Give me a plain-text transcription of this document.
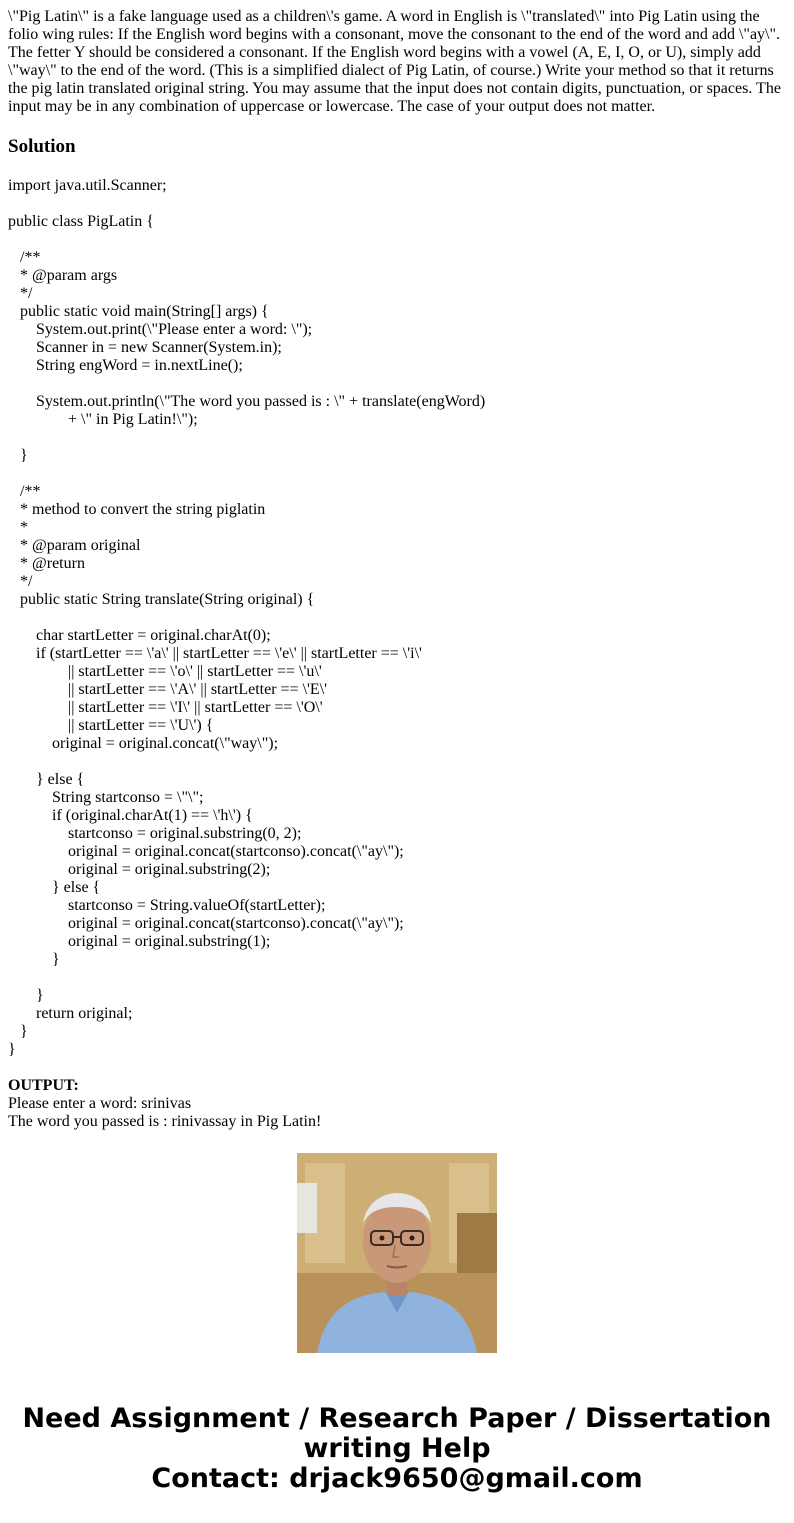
\"Pig Latin\" is a fake language used as a children\'s game. A word in English is \"translated\" into Pig Latin using the folio wing rules: If the English word begins with a consonant, move the consonant to the end of the word and add \"ay\". The fetter Y should be considered a consonant. If the English word begins with a vowel (A, E, I, O, or U), simply add \"way\" to the end of the word. (This is a simplified dialect of Pig Latin, of course.) Write your method so that it returns the pig latin translated original string. You may assume that the input does not contain digits, punctuation, or spaces. The input may be in any combination of uppercase or lowercase. The case of your output does not matter.

Solution
import java.util.Scanner;

public class PigLatin {

/**
* @param args
*/
public static void main(String[] args) {
System.out.print(\"Please enter a word: \");
Scanner in = new Scanner(System.in);
String engWord = in.nextLine();

System.out.println(\"The word you passed is : \" + translate(engWord)
+ \" in Pig Latin!\");

}

/**
* method to convert the string piglatin
*
* @param original
* @return
*/
public static String translate(String original) {

char startLetter = original.charAt(0);
if (startLetter == \'a\' || startLetter == \'e\' || startLetter == \'i\'
|| startLetter == \'o\' || startLetter == \'u\'
|| startLetter == \'A\' || startLetter == \'E\'
|| startLetter == \'I\' || startLetter == \'O\'
|| startLetter == \'U\') {
original = original.concat(\"way\");

} else {
String startconso = \"\";
if (original.charAt(1) == \'h\') {
startconso = original.substring(0, 2);
original = original.concat(startconso).concat(\"ay\");
original = original.substring(2);
} else {
startconso = String.valueOf(startLetter);
original = original.concat(startconso).concat(\"ay\");
original = original.substring(1);
}

}
return original;
}
}

OUTPUT:
Please enter a word: srinivas
The word you passed is : rinivassay in Pig Latin!
Need Assignment / Research Paper / Dissertation
writing Help
Contact: drjack9650@gmail.com
